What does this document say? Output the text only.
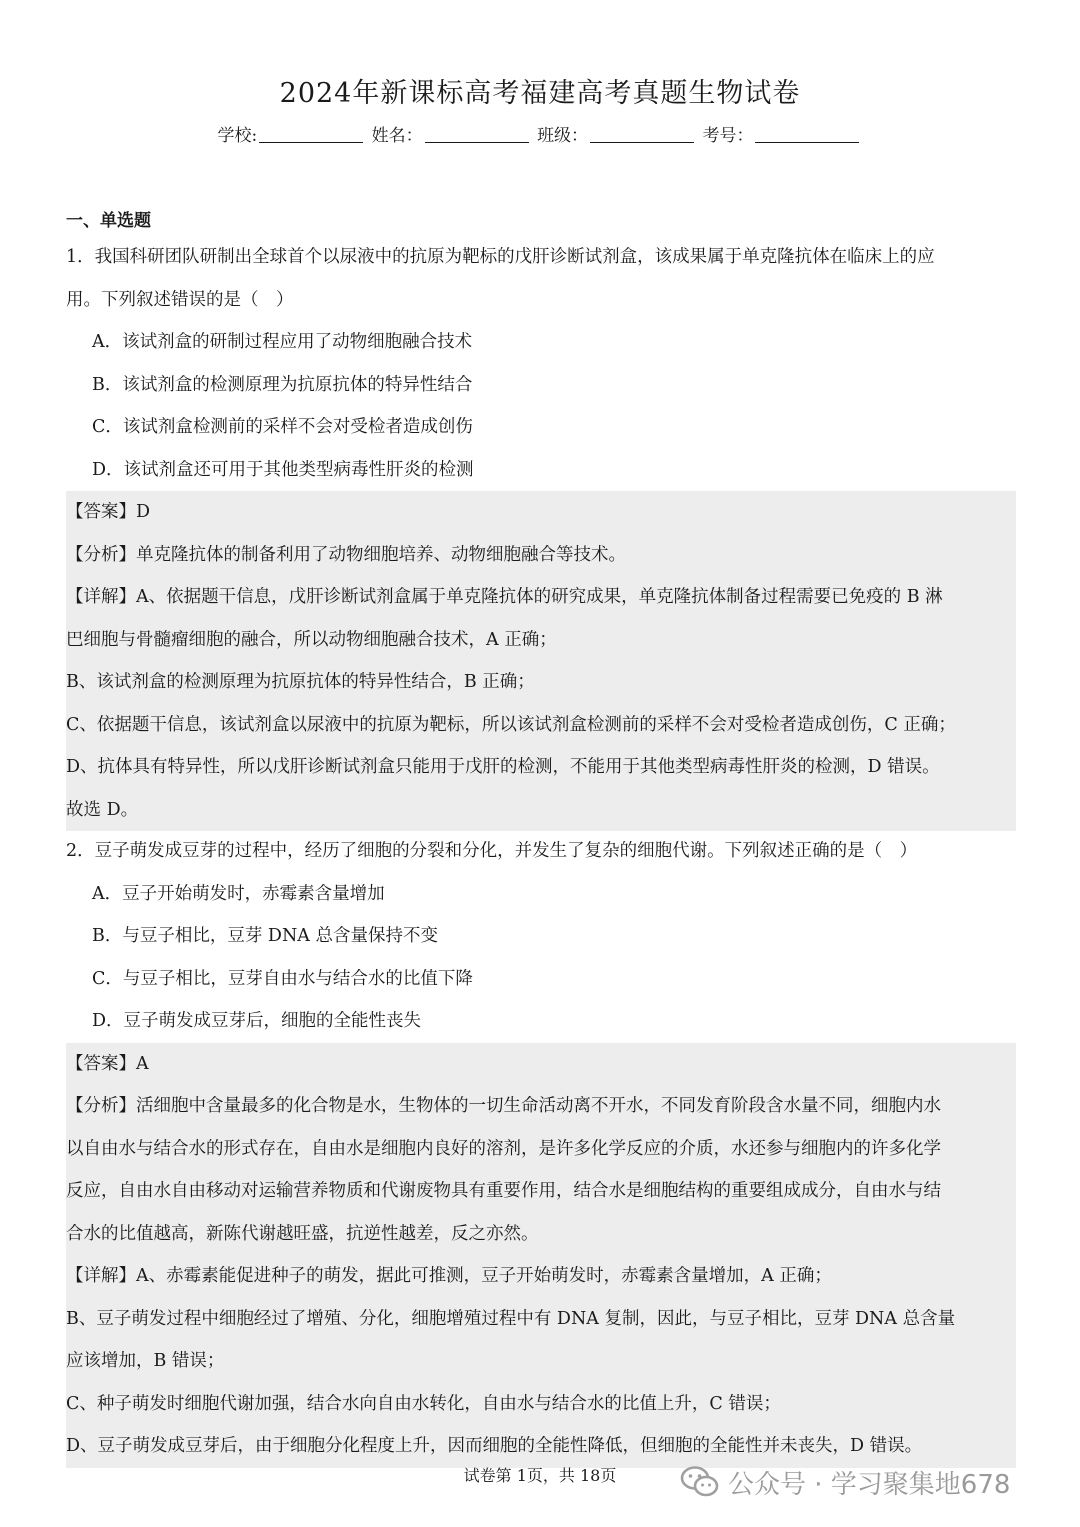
2024年新课标高考福建高考真题生物试卷
学校:	姓名：	班级：	考号：
一、单选题
1．我国科研团队研制出全球首个以尿液中的抗原为靶标的戊肝诊断试剂盒，该成果属于单克隆抗体在临床上的应
用。下列叙述错误的是（　）
A．该试剂盒的研制过程应用了动物细胞融合技术
B．该试剂盒的检测原理为抗原抗体的特异性结合
C．该试剂盒检测前的采样不会对受检者造成创伤
D．该试剂盒还可用于其他类型病毒性肝炎的检测
【答案】D
【分析】单克隆抗体的制备利用了动物细胞培养、动物细胞融合等技术。
【详解】A、依据题干信息，戊肝诊断试剂盒属于单克隆抗体的研究成果，单克隆抗体制备过程需要已免疫的 B 淋
巴细胞与骨髓瘤细胞的融合，所以动物细胞融合技术，A 正确；
B、该试剂盒的检测原理为抗原抗体的特异性结合，B 正确；
C、依据题干信息，该试剂盒以尿液中的抗原为靶标，所以该试剂盒检测前的采样不会对受检者造成创伤，C 正确；
D、抗体具有特异性，所以戊肝诊断试剂盒只能用于戊肝的检测，不能用于其他类型病毒性肝炎的检测，D 错误。
故选 D。
2．豆子萌发成豆芽的过程中，经历了细胞的分裂和分化，并发生了复杂的细胞代谢。下列叙述正确的是（　）
A．豆子开始萌发时，赤霉素含量增加
B．与豆子相比，豆芽 DNA 总含量保持不变
C．与豆子相比，豆芽自由水与结合水的比值下降
D．豆子萌发成豆芽后，细胞的全能性丧失
【答案】A
【分析】活细胞中含量最多的化合物是水，生物体的一切生命活动离不开水，不同发育阶段含水量不同，细胞内水
以自由水与结合水的形式存在，自由水是细胞内良好的溶剂，是许多化学反应的介质，水还参与细胞内的许多化学
反应，自由水自由移动对运输营养物质和代谢废物具有重要作用，结合水是细胞结构的重要组成成分，自由水与结
合水的比值越高，新陈代谢越旺盛，抗逆性越差，反之亦然。
【详解】A、赤霉素能促进种子的萌发，据此可推测，豆子开始萌发时，赤霉素含量增加，A 正确；
B、豆子萌发过程中细胞经过了增殖、分化，细胞增殖过程中有 DNA 复制，因此，与豆子相比，豆芽 DNA 总含量
应该增加，B 错误；
C、种子萌发时细胞代谢加强，结合水向自由水转化，自由水与结合水的比值上升，C 错误；
D、豆子萌发成豆芽后，由于细胞分化程度上升，因而细胞的全能性降低，但细胞的全能性并未丧失，D 错误。
试卷第 1页，共 18页	公众号 · 学习聚集地678
